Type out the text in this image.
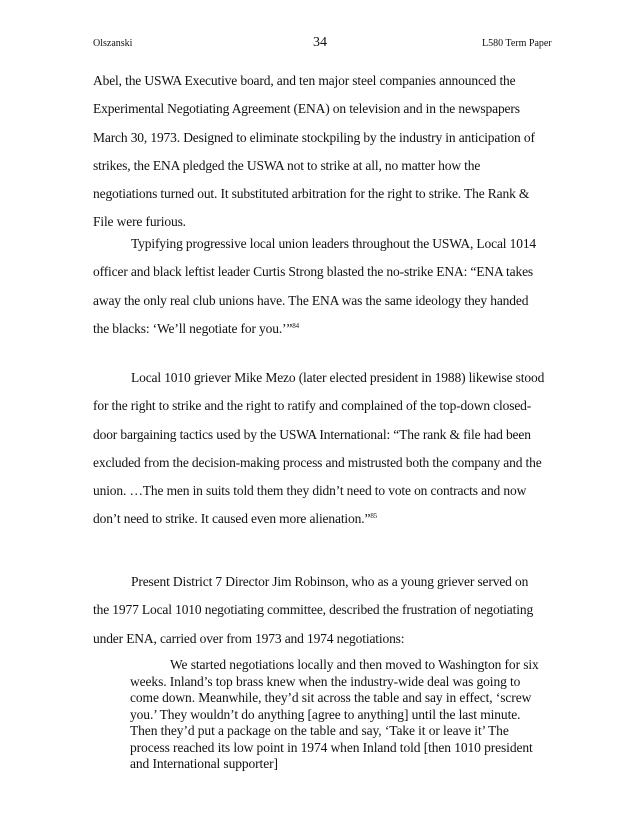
Olszanski	34	L580 Term Paper

Abel, the USWA Executive board, and ten major steel companies announced the Experimental Negotiating Agreement (ENA) on television and in the newspapers March 30, 1973. Designed to eliminate stockpiling by the industry in anticipation of strikes, the ENA pledged the USWA not to strike at all, no matter how the negotiations turned out. It substituted arbitration for the right to strike. The Rank & File were furious.

Typifying progressive local union leaders throughout the USWA, Local 1014 officer and black leftist leader Curtis Strong blasted the no-strike ENA: “ENA takes away the only real club unions have. The ENA was the same ideology they handed the blacks: ‘We’ll negotiate for you.’”$^{84}$

Local 1010 griever Mike Mezo (later elected president in 1988) likewise stood for the right to strike and the right to ratify and complained of the top-down closed-door bargaining tactics used by the USWA International: “The rank & file had been excluded from the decision-making process and mistrusted both the company and the union. …The men in suits told them they didn’t need to vote on contracts and now don’t need to strike. It caused even more alienation.”$^{85}$

Present District 7 Director Jim Robinson, who as a young griever served on the 1977 Local 1010 negotiating committee, described the frustration of negotiating under ENA, carried over from 1973 and 1974 negotiations:

We started negotiations locally and then moved to Washington for six weeks. Inland’s top brass knew when the industry-wide deal was going to come down. Meanwhile, they’d sit across the table and say in effect, ‘screw you.’ They wouldn’t do anything [agree to anything] until the last minute. Then they’d put a package on the table and say, ‘Take it or leave it’ The process reached its low point in 1974 when Inland told [then 1010 president and International supporter]
